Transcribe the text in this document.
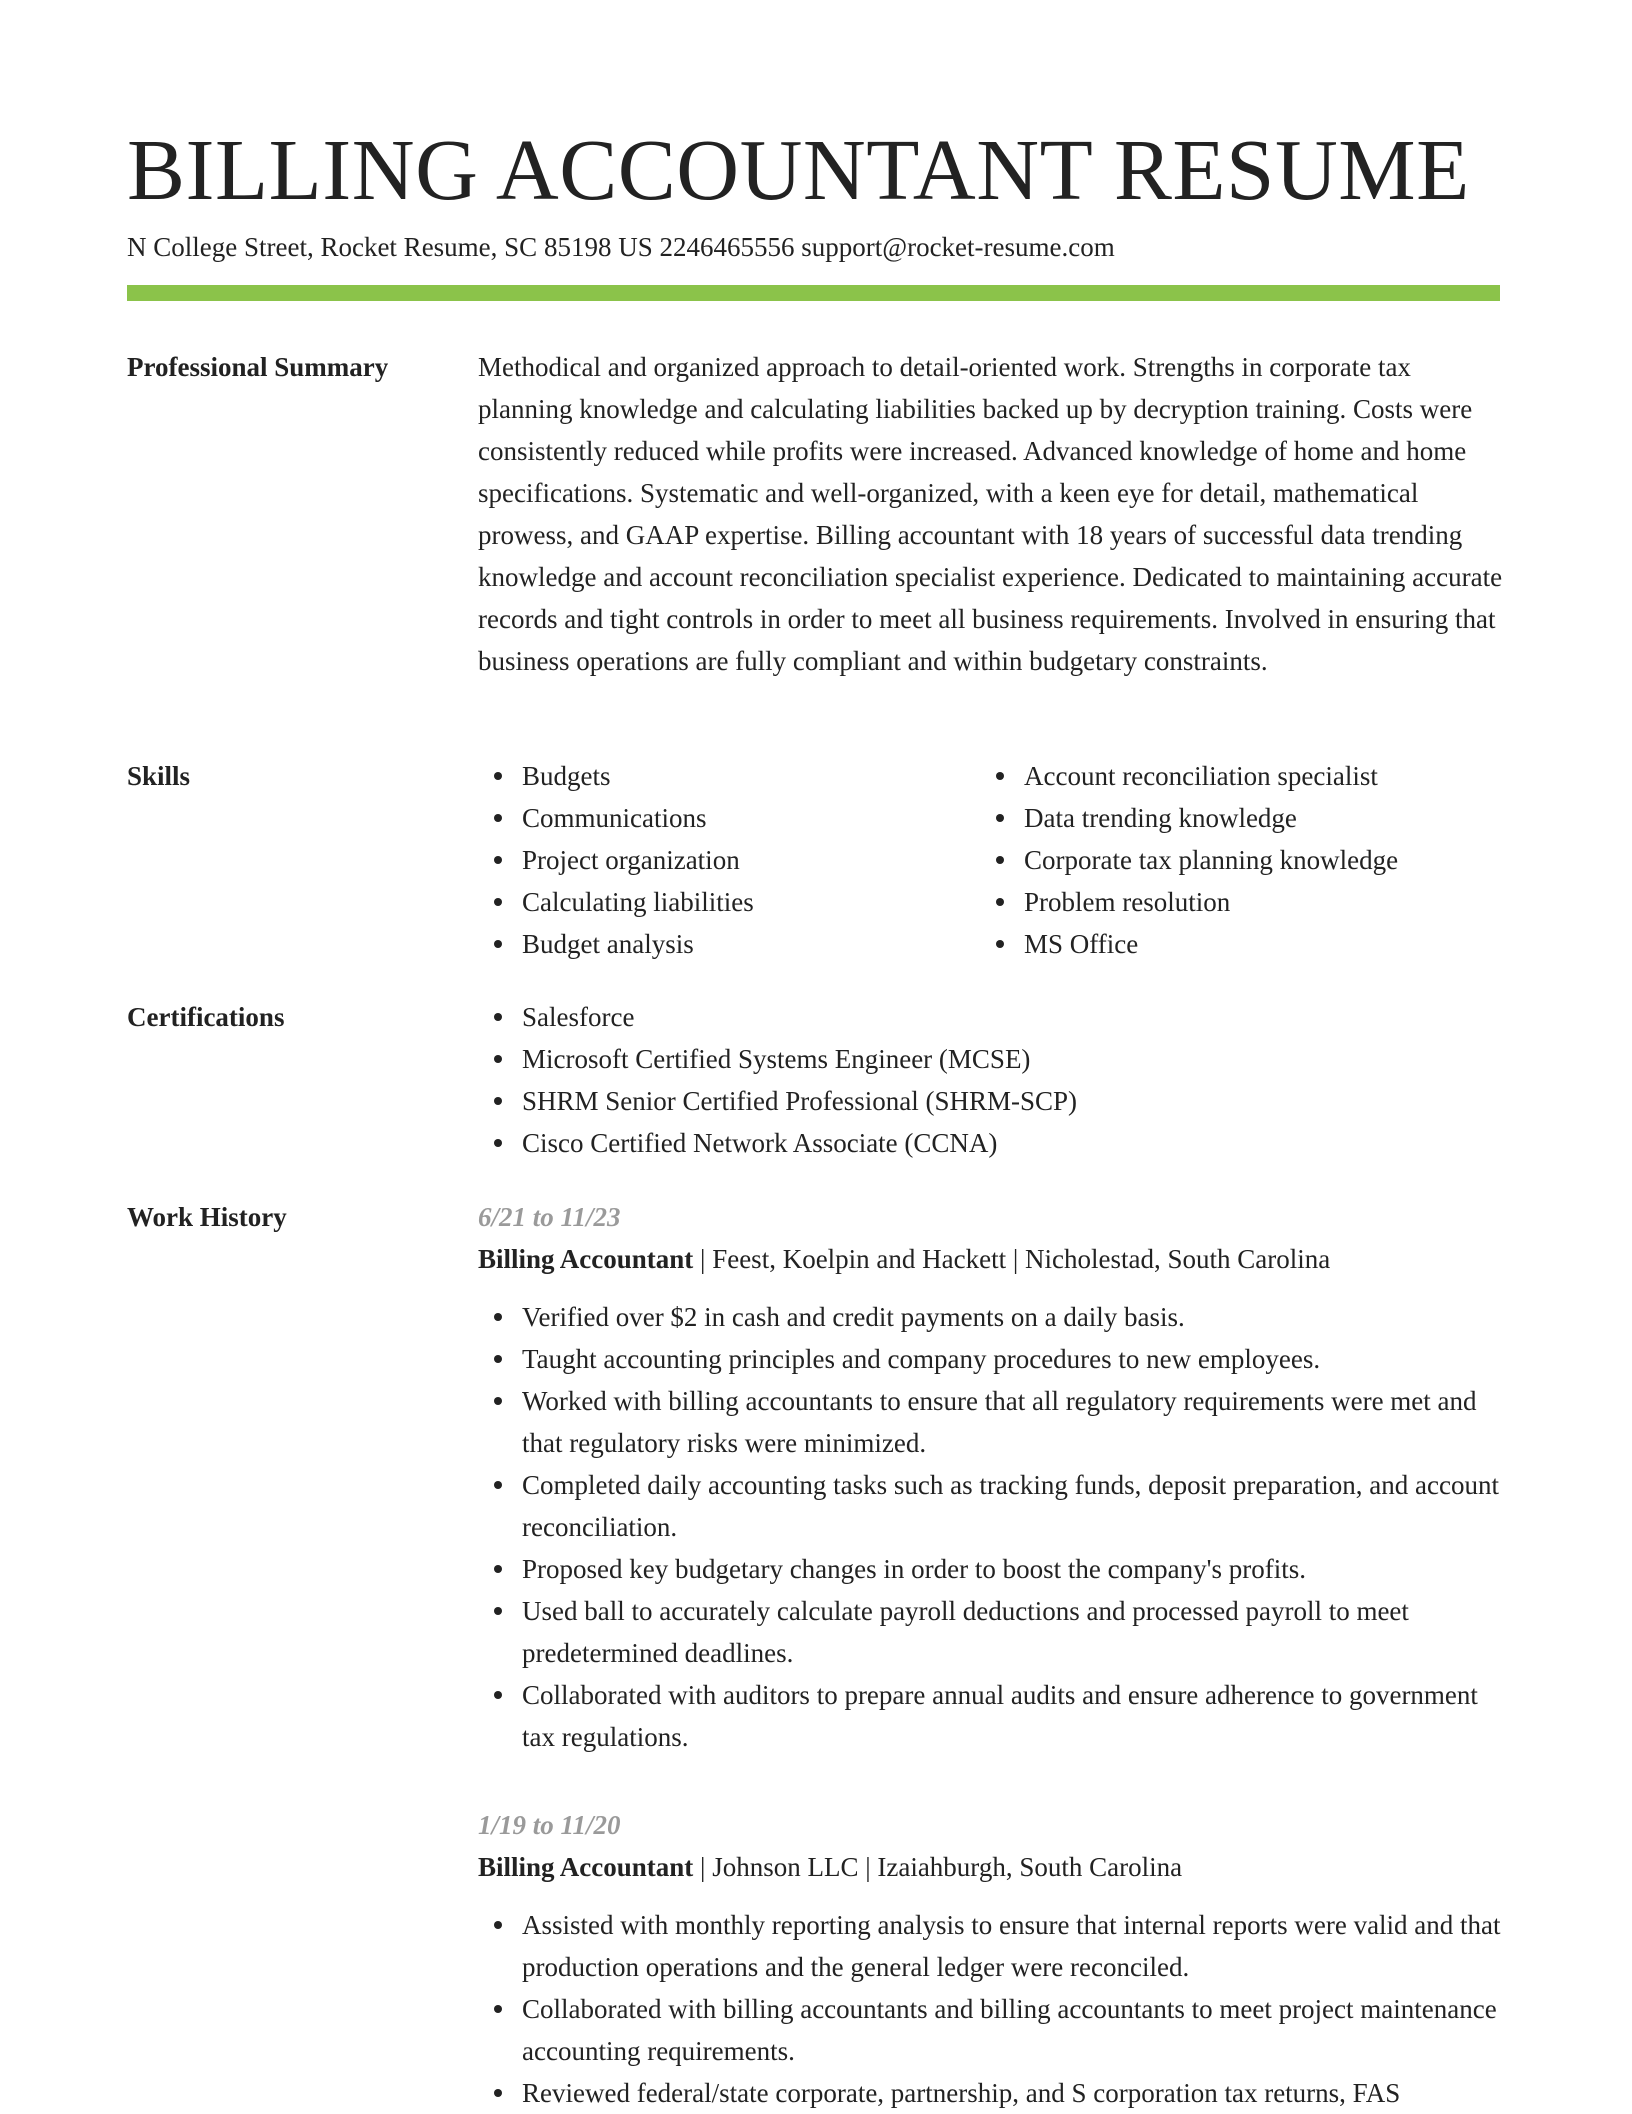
BILLING ACCOUNTANT RESUME
N College Street, Rocket Resume, SC 85198 US 2246465556 support@rocket-resume.com
Professional Summary	Methodical and organized approach to detail-oriented work. Strengths in corporate tax planning knowledge and calculating liabilities backed up by decryption training. Costs were consistently reduced while profits were increased. Advanced knowledge of home and home specifications. Systematic and well-organized, with a keen eye for detail, mathematical prowess, and GAAP expertise. Billing accountant with 18 years of successful data trending knowledge and account reconciliation specialist experience. Dedicated to maintaining accurate records and tight controls in order to meet all business requirements. Involved in ensuring that business operations are fully compliant and within budgetary constraints.

Skills	Budgets
Communications
Project organization
Calculating liabilities
Budget analysis
Account reconciliation specialist
Data trending knowledge
Corporate tax planning knowledge
Problem resolution
MS Office
Certifications	Salesforce
Microsoft Certified Systems Engineer (MCSE)
SHRM Senior Certified Professional (SHRM-SCP)
Cisco Certified Network Associate (CCNA)
Work History	6/21 to 11/23
Billing Accountant | Feest, Koelpin and Hackett | Nicholestad, South Carolina
Verified over $2 in cash and credit payments on a daily basis.
Taught accounting principles and company procedures to new employees.
Worked with billing accountants to ensure that all regulatory requirements were met and that regulatory risks were minimized.
Completed daily accounting tasks such as tracking funds, deposit preparation, and account reconciliation.
Proposed key budgetary changes in order to boost the company's profits.
Used ball to accurately calculate payroll deductions and processed payroll to meet predetermined deadlines.
Collaborated with auditors to prepare annual audits and ensure adherence to government tax regulations.
1/19 to 11/20
Billing Accountant | Johnson LLC | Izaiahburgh, South Carolina
Assisted with monthly reporting analysis to ensure that internal reports were valid and that production operations and the general ledger were reconciled.
Collaborated with billing accountants and billing accountants to meet project maintenance accounting requirements.
Reviewed federal/state corporate, partnership, and S corporation tax returns, FAS
